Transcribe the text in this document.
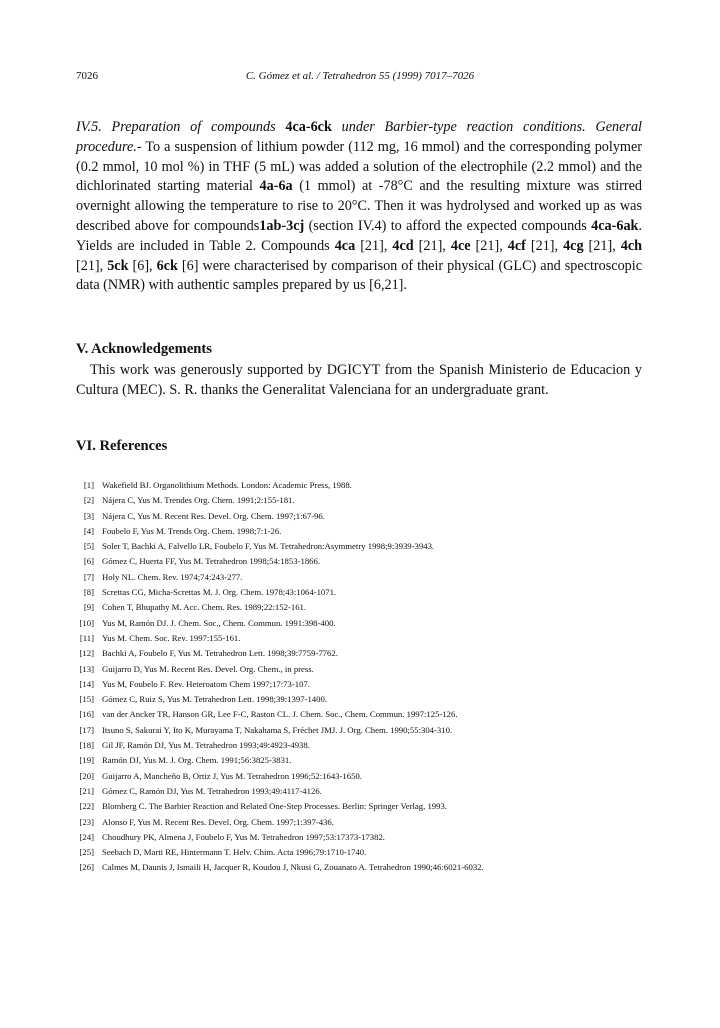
7026	C. Gómez et al. / Tetrahedron 55 (1999) 7017–7026

IV.5. Preparation of compounds 4ca-6ck under Barbier-type reaction conditions. General procedure.- To a suspension of lithium powder (112 mg, 16 mmol) and the corresponding polymer (0.2 mmol, 10 mol %) in THF (5 mL) was added a solution of the electrophile (2.2 mmol) and the dichlorinated starting material 4a-6a (1 mmol) at -78°C and the resulting mixture was stirred overnight allowing the temperature to rise to 20°C. Then it was hydrolysed and worked up as was described above for compounds1ab-3cj (section IV.4) to afford the expected compounds 4ca-6ak. Yields are included in Table 2. Compounds 4ca [21], 4cd [21], 4ce [21], 4cf [21], 4cg [21], 4ch [21], 5ck [6], 6ck [6] were characterised by comparison of their physical (GLC) and spectroscopic data (NMR) with authentic samples prepared by us [6,21].

V. Acknowledgements

This work was generously supported by DGICYT from the Spanish Ministerio de Educacion y Cultura (MEC). S. R. thanks the Generalitat Valenciana for an undergraduate grant.

VI. References
[1] Wakefield BJ. Organolithium Methods. London: Academic Press, 1988.
[2] Nájera C, Yus M. Trendes Org. Chem. 1991;2:155-181.
[3] Nájera C, Yus M. Recent Res. Devel. Org. Chem. 1997;1:67-96.
[4] Foubelo F, Yus M. Trends Org. Chem. 1998;7:1-26.
[5] Soler T, Bachki A, Falvello LR, Foubelo F, Yus M. Tetrahedron:Asymmetry 1998;9:3939-3943.
[6] Gómez C, Huerta FF, Yus M. Tetrahedron 1998;54:1853-1866.
[7] Holy NL. Chem. Rev. 1974;74:243-277.
[8] Screttas CG, Micha-Screttas M. J. Org. Chem. 1978;43:1064-1071.
[9] Cohen T, Bhupathy M. Acc. Chem. Res. 1989;22:152-161.
[10] Yus M, Ramón DJ. J. Chem. Soc., Chem. Commun. 1991:398-400.
[11] Yus M. Chem. Soc. Rev. 1997:155-161.
[12] Bachki A, Foubelo F, Yus M. Tetrahedron Lett. 1998;39:7759-7762.
[13] Guijarro D, Yus M. Recent Res. Devel. Org. Chem., in press.
[14] Yus M, Foubelo F. Rev. Heteroatom Chem 1997;17:73-107.
[15] Gómez C, Ruiz S, Yus M. Tetrahedron Lett. 1998;39:1397-1400.
[16] van der Ancker TR, Hanson GR, Lee F-C, Raston CL. J. Chem. Soc., Chem. Commun. 1997:125-126.
[17] Itsuno S, Sakurai Y, Ito K, Murayama T, Nakahama S, Fréchet JMJ. J. Org. Chem. 1990;55:304-310.
[18] Gil JF, Ramón DJ, Yus M. Tetrahedron 1993;49:4923-4938.
[19] Ramón DJ, Yus M. J. Org. Chem. 1991;56:3825-3831.
[20] Guijarro A, Mancheño B, Ortiz J, Yus M. Tetrahedron 1996;52:1643-1650.
[21] Gómez C, Ramón DJ, Yus M. Tetrahedron 1993;49:4117-4126.
[22] Blomberg C. The Barbier Reaction and Related One-Step Processes. Berlin: Springer Verlag, 1993.
[23] Alonso F, Yus M. Recent Res. Devel. Org. Chem. 1997;1:397-436.
[24] Choudhury PK, Almena J, Foubelo F, Yus M. Tetrahedron 1997;53:17373-17382.
[25] Seebach D, Marti RE, Hintermann T. Helv. Chim. Acta 1996;79:1710-1740.
[26] Calmes M, Daunis J, Ismaili H, Jacquer R, Koudou J, Nkusi G, Zouanato A. Tetrahedron 1990;46:6021-6032.
